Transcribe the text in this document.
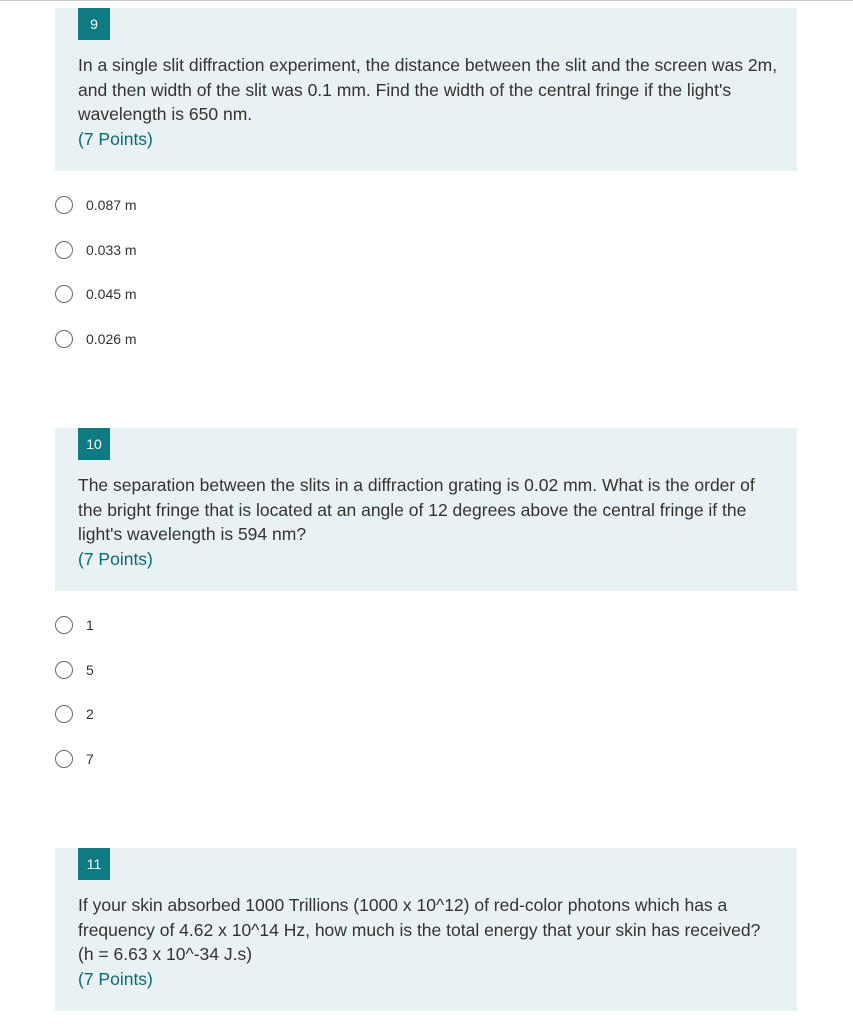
9
In a single slit diffraction experiment, the distance between the slit and the screen was 2m, and then width of the slit was 0.1 mm. Find the width of the central fringe if the light's wavelength is 650 nm.
(7 Points)
0.087 m
0.033 m
0.045 m
0.026 m
10
The separation between the slits in a diffraction grating is 0.02 mm. What is the order of the bright fringe that is located at an angle of 12 degrees above the central fringe if the light's wavelength is 594 nm?
(7 Points)
1
5
2
7
11
If your skin absorbed 1000 Trillions (1000 x 10^12) of red-color photons which has a frequency of 4.62 x 10^14 Hz, how much is the total energy that your skin has received? (h = 6.63 x 10^-34 J.s)
(7 Points)
